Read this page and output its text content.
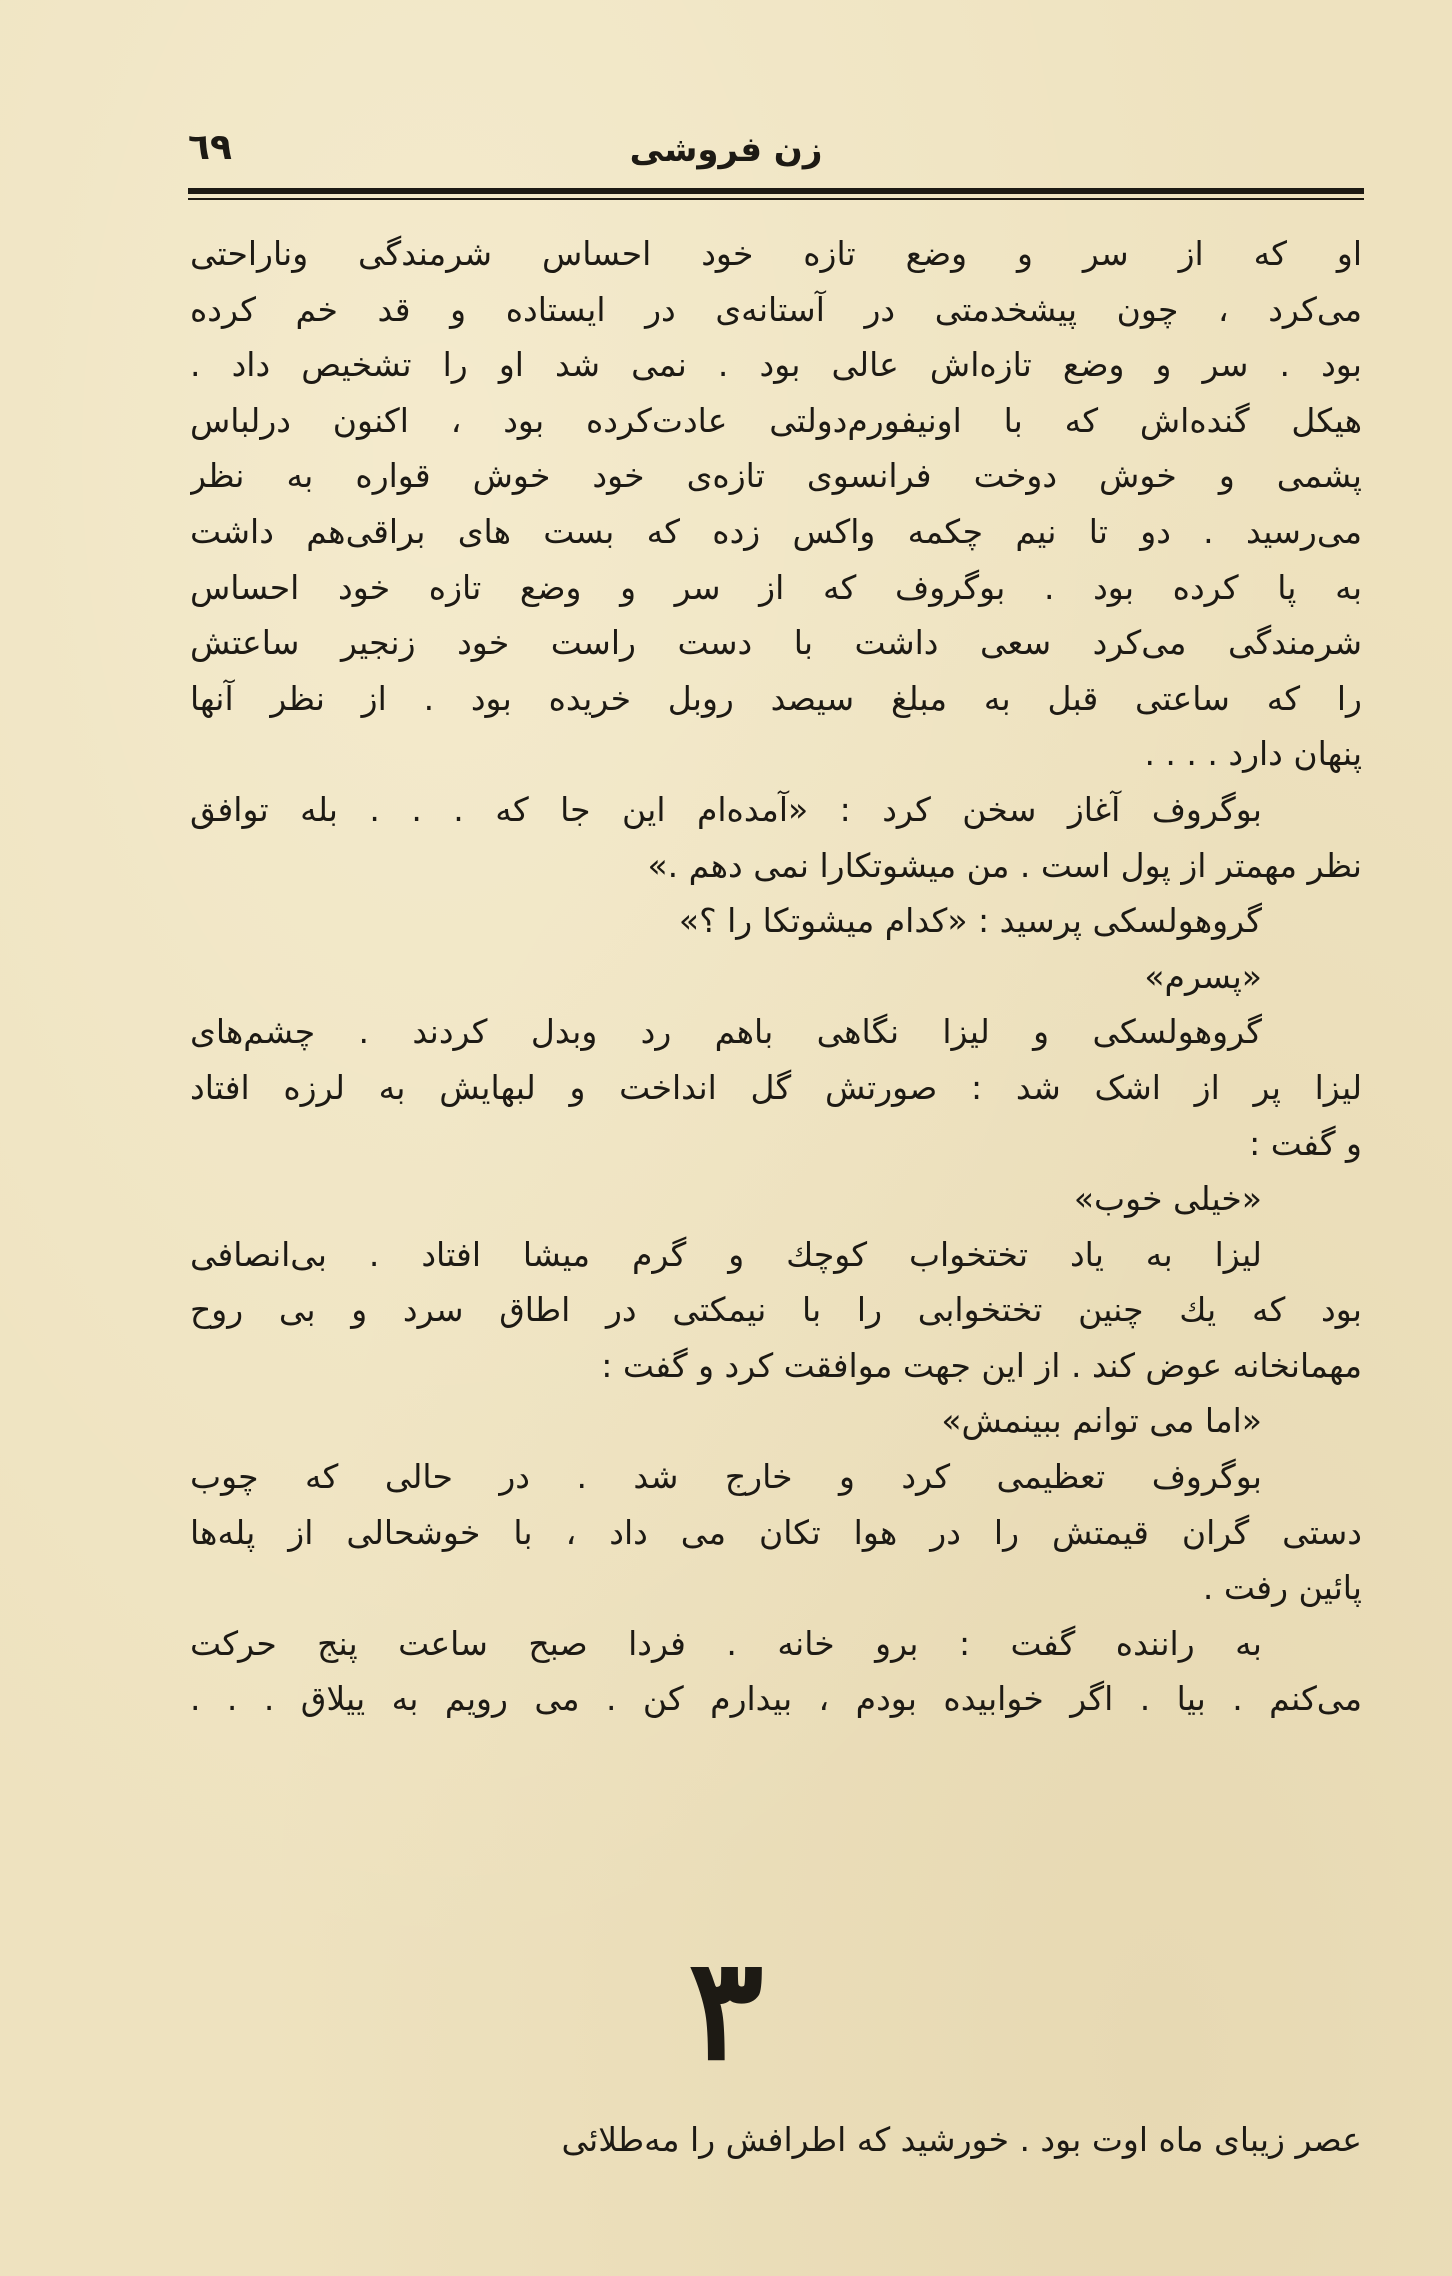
٦٩	زن فروشی
او که از سر و وضع تازه خود احساس شرمندگی وناراحتی
می‌کرد ، چون پیشخدمتی در آستانه‌ی در ایستاده و قد خم کرده
بود . سر و وضع تازه‌اش عالی بود . نمی شد او را تشخیص داد .
هیکل گنده‌اش که با اونیفورم‌دولتی عادت‌کرده بود ، اکنون درلباس
پشمی و خوش دوخت فرانسوی تازه‌ی خود خوش قواره به نظر
می‌رسید . دو تا نیم چکمه واکس زده که بست های براقی‌هم داشت
به پا کرده بود . بوگروف که از سر و وضع تازه خود احساس
شرمندگی می‌کرد سعی داشت با دست راست خود زنجیر ساعتش
را که ساعتی قبل به مبلغ سیصد روبل خریده بود . از نظر آنها
پنهان دارد . . . .
بوگروف آغاز سخن کرد : «آمده‌ام این جا که . . . بله توافق
نظر مهمتر از پول است . من میشوتکارا نمی دهم .»
گروهولسکی پرسید : «کدام میشوتکا را ؟»
«پسرم»
گروهولسکی و لیزا نگاهی باهم رد وبدل کردند . چشم‌های
لیزا پر از اشک شد : صورتش گل انداخت و لبهایش به لرزه افتاد
و گفت :
«خیلی خوب»
لیزا به یاد تختخواب کوچك و گرم میشا افتاد . بی‌انصافی
بود که یك چنین تختخوابی را با نیمکتی در اطاق سرد و بی روح
مهمانخانه عوض کند . از این جهت موافقت کرد و گفت :
«اما می توانم ببینمش»
بوگروف تعظیمی کرد و خارج شد . در حالی که چوب
دستی گران قیمتش را در هوا تکان می داد ، با خوشحالی از پله‌ها
پائین رفت .
به راننده گفت : برو خانه . فردا صبح ساعت پنج حرکت
می‌کنم . بیا . اگر خوابیده بودم ، بیدارم کن . می رویم به ییلاق . . .
٣
عصر زیبای ماه اوت بود . خورشید که اطرافش را مه‌طلائی
